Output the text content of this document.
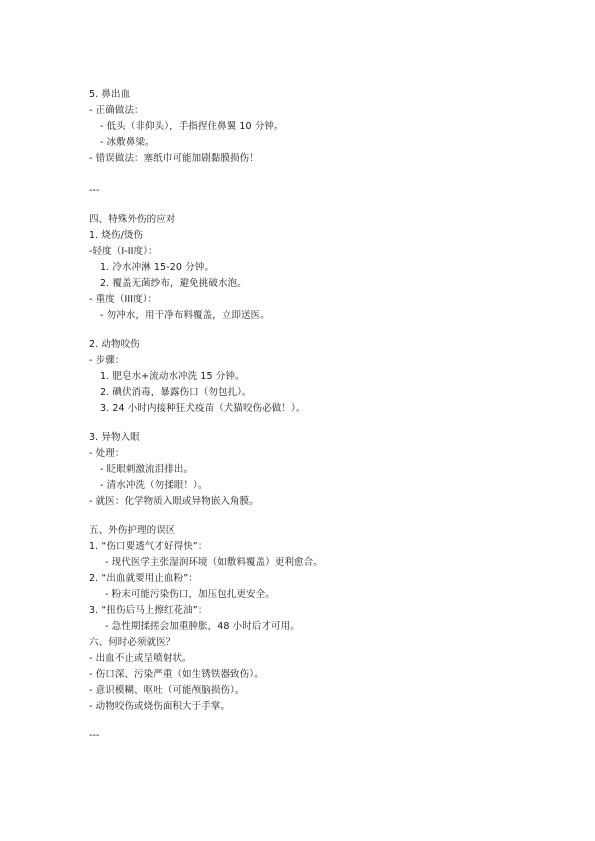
5. 鼻出血
- 正确做法：
- 低头（非仰头），手指捏住鼻翼 10 分钟。
- 冰敷鼻梁。
- 错误做法：塞纸巾可能加剧黏膜损伤！
---
四、特殊外伤的应对
1. 烧伤/烫伤
-轻度（I-II度）：
1. 冷水冲淋 15-20 分钟。
2. 覆盖无菌纱布，避免挑破水泡。
- 重度（III度）：
- 勿冲水，用干净布料覆盖，立即送医。
2. 动物咬伤
- 步骤：
1. 肥皂水+流动水冲洗 15 分钟。
2. 碘伏消毒，暴露伤口（勿包扎）。
3. 24 小时内接种狂犬疫苗（犬猫咬伤必做！）。
3. 异物入眼
- 处理：
- 眨眼刺激流泪排出。
- 清水冲洗（勿揉眼！）。
- 就医：化学物质入眼或异物嵌入角膜。
五、外伤护理的误区
1. “伤口要透气才好得快”：
- 现代医学主张湿润环境（如敷料覆盖）更利愈合。
2. “出血就要用止血粉”：
- 粉末可能污染伤口，加压包扎更安全。
3. “扭伤后马上擦红花油”：
- 急性期揉搓会加重肿胀，48 小时后才可用。
六、何时必须就医？
- 出血不止或呈喷射状。
- 伤口深、污染严重（如生锈铁器致伤）。
- 意识模糊、呕吐（可能颅脑损伤）。
- 动物咬伤或烧伤面积大于手掌。
---
